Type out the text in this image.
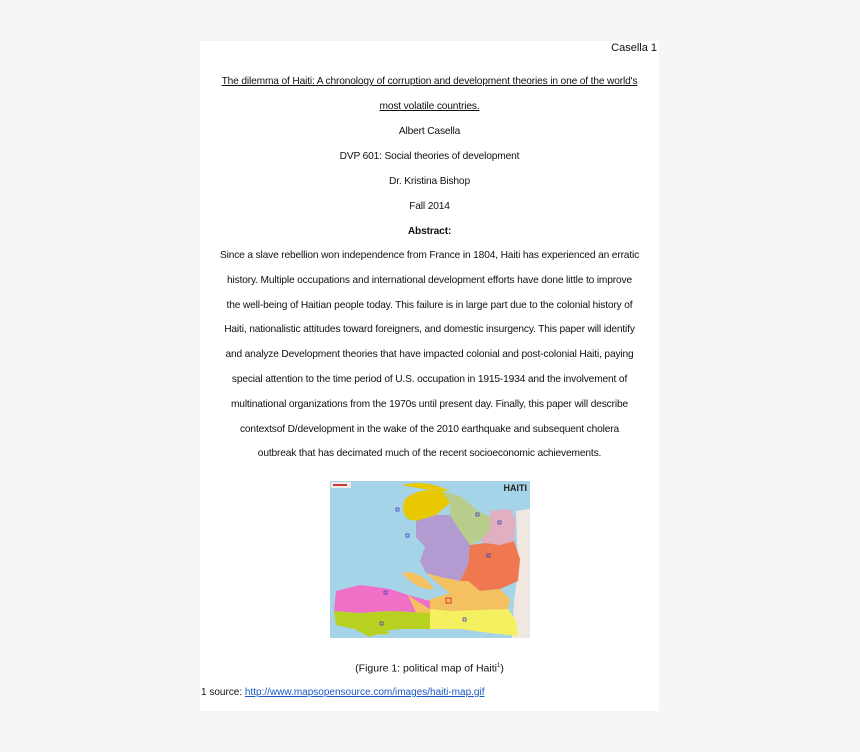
Casella 1
The dilemma of Haiti: A chronology of corruption and development theories in one of the world's
most volatile countries.
Albert Casella
DVP 601: Social theories of development
Dr. Kristina Bishop
Fall 2014
Abstract:
Since a slave rebellion won independence from France in 1804, Haiti has experienced an erratic
history. Multiple occupations and international development efforts have done little to improve
the well-being of Haitian people today. This failure is in large part due to the colonial history of
Haiti, nationalistic attitudes toward foreigners, and domestic insurgency. This paper will identify
and analyze Development theories that have impacted colonial and post-colonial Haiti, paying
special attention to the time period of U.S. occupation in 1915-1934 and the involvement of
multinational organizations from the 1970s until present day. Finally, this paper will describe
contextsof D/development in the wake of the 2010 earthquake and subsequent cholera
outbreak that has decimated much of the recent socioeconomic achievements.
HAITI
(Figure 1: political map of Haiti$^1$)
1 source: http://www.mapsopensource.com/images/haiti-map.gif
